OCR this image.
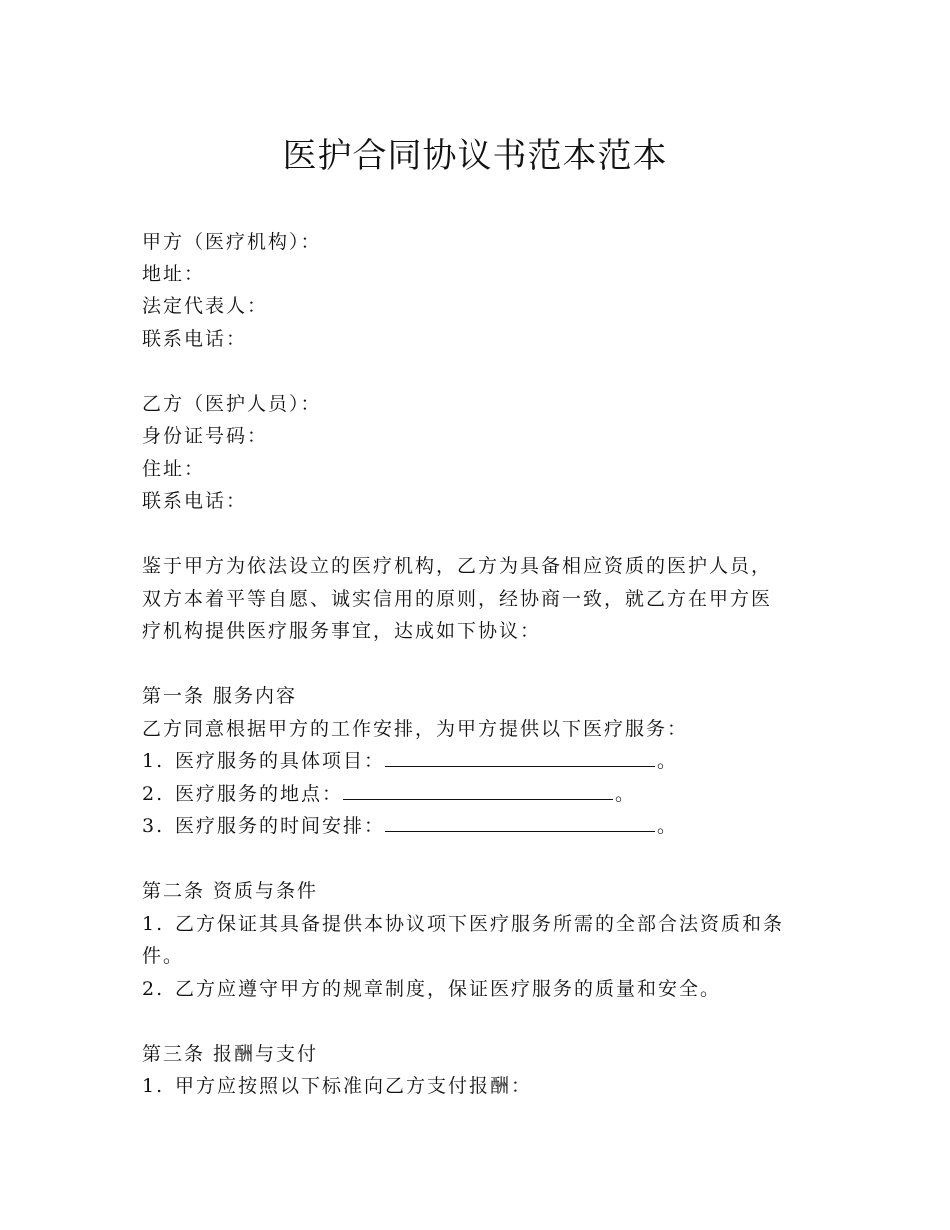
医护合同协议书范本范本
甲方（医疗机构）：
地址：
法定代表人：
联系电话：
乙方（医护人员）：
身份证号码：
住址：
联系电话：
鉴于甲方为依法设立的医疗机构，乙方为具备相应资质的医护人员，
双方本着平等自愿、诚实信用的原则，经协商一致，就乙方在甲方医
疗机构提供医疗服务事宜，达成如下协议：
第一条 服务内容
乙方同意根据甲方的工作安排，为甲方提供以下医疗服务：
1. 医疗服务的具体项目：	。
2. 医疗服务的地点：	。
3. 医疗服务的时间安排：	。
第二条 资质与条件
1. 乙方保证其具备提供本协议项下医疗服务所需的全部合法资质和条
件。
2. 乙方应遵守甲方的规章制度，保证医疗服务的质量和安全。
第三条 报酬与支付
1. 甲方应按照以下标准向乙方支付报酬：
